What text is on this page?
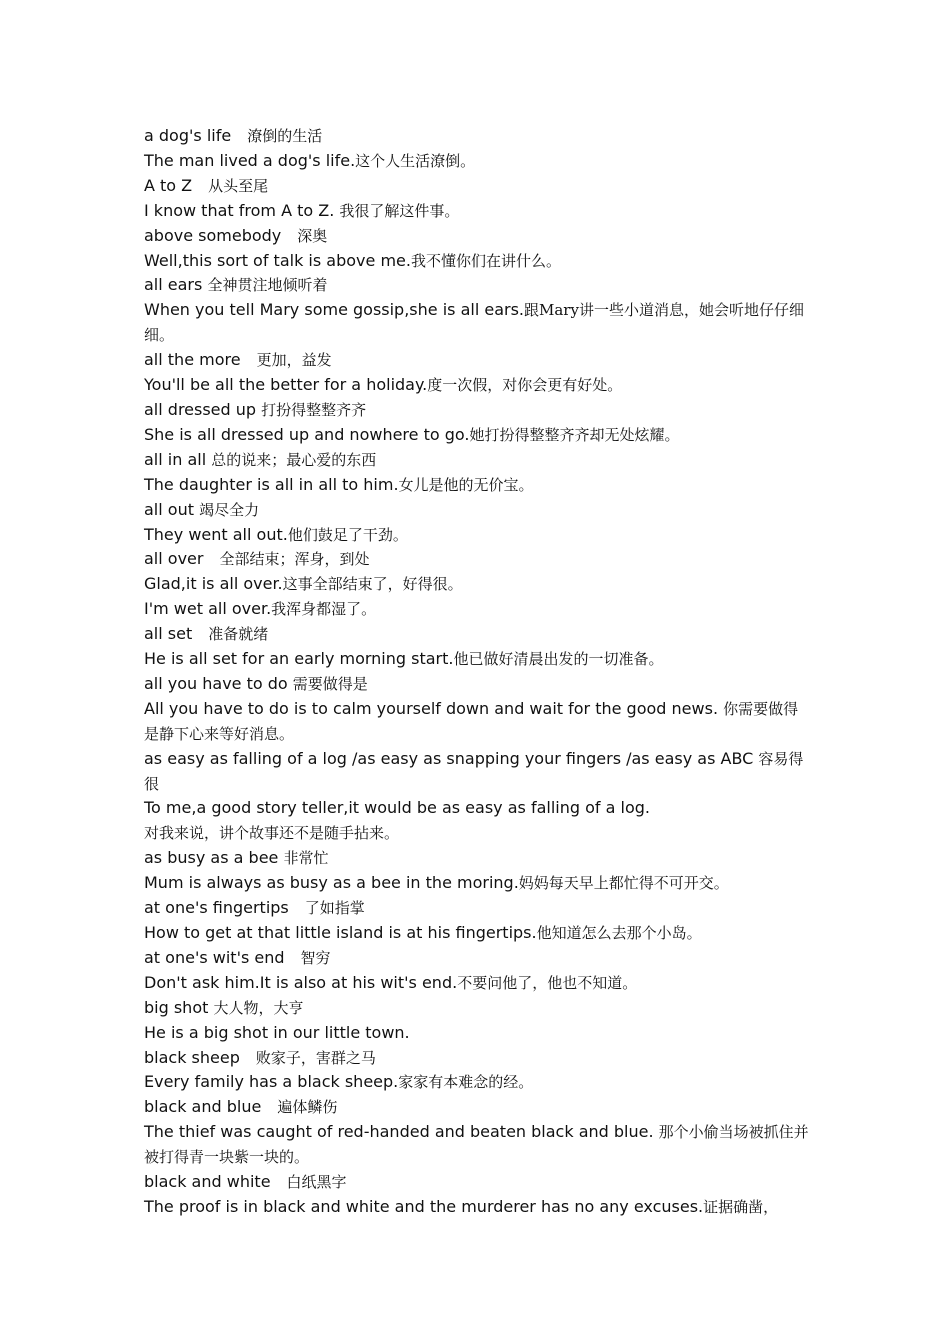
a dog's life 潦倒的生活

The man lived a dog's life.这个人生活潦倒。

A to Z 从头至尾

I know that from A to Z. 我很了解这件事。

above somebody 深奥

Well,this sort of talk is above me.我不懂你们在讲什么。

all ears 全神贯注地倾听着

When you tell Mary some gossip,she is all ears.跟Mary讲一些小道消息，她会听地仔仔细细。

all the more 更加，益发

You'll be all the better for a holiday.度一次假，对你会更有好处。

all dressed up 打扮得整整齐齐

She is all dressed up and nowhere to go.她打扮得整整齐齐却无处炫耀。

all in all 总的说来；最心爱的东西

The daughter is all in all to him.女儿是他的无价宝。

all out 竭尽全力

They went all out.他们鼓足了干劲。

all over 全部结束；浑身，到处

Glad,it is all over.这事全部结束了，好得很。

I'm wet all over.我浑身都湿了。

all set 准备就绪

He is all set for an early morning start.他已做好清晨出发的一切准备。

all you have to do 需要做得是

All you have to do is to calm yourself down and wait for the good news. 你需要做得是静下心来等好消息。

as easy as falling of a log /as easy as snapping your fingers /as easy as ABC 容易得很

To me,a good story teller,it would be as easy as falling of a log.

对我来说，讲个故事还不是随手拈来。

as busy as a bee 非常忙

Mum is always as busy as a bee in the moring.妈妈每天早上都忙得不可开交。

at one's fingertips 了如指掌

How to get at that little island is at his fingertips.他知道怎么去那个小岛。

at one's wit's end 智穷

Don't ask him.It is also at his wit's end.不要问他了，他也不知道。

big shot 大人物，大亨

He is a big shot in our little town.

black sheep 败家子，害群之马

Every family has a black sheep.家家有本难念的经。

black and blue 遍体鳞伤

The thief was caught of red-handed and beaten black and blue. 那个小偷当场被抓住并被打得青一块紫一块的。

black and white 白纸黑字

The proof is in black and white and the murderer has no any excuses.证据确凿，
